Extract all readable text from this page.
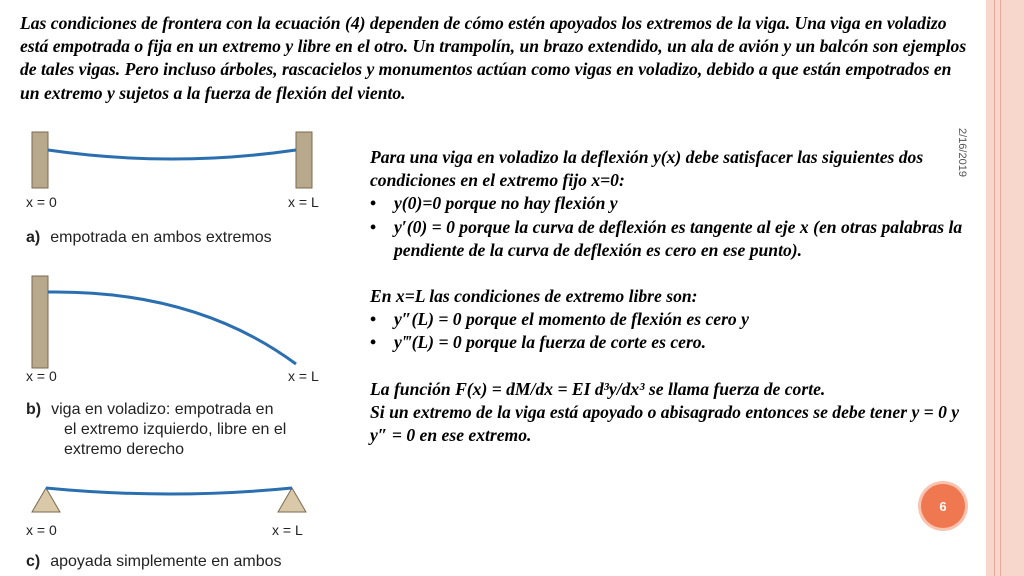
2/16/2019
Las condiciones de frontera con la ecuación (4) dependen de cómo estén apoyados los extremos de la viga. Una viga en voladizo está empotrada o fija en un extremo y libre en el otro. Un trampolín, un brazo extendido, un ala de avión y un balcón son ejemplos de tales vigas. Pero incluso árboles, rascacielos y monumentos actúan como vigas en voladizo, debido a que están empotrados en un extremo y sujetos a la fuerza de flexión del viento.
x = 0	x = L
a) empotrada en ambos extremos
x = 0	x = L
b) viga en voladizo: empotrada en
el extremo izquierdo, libre en el
extremo derecho
x = 0	x = L
c) apoyada simplemente en ambos

Para una viga en voladizo la deflexión y(x) debe satisfacer las siguientes dos condiciones en el extremo fijo x=0:

• y(0)=0 porque no hay flexión y

• y′(0) = 0 porque la curva de deflexión es tangente al eje x (en otras palabras la pendiente de la curva de deflexión es cero en ese punto).

En x=L las condiciones de extremo libre son:

• y″(L) = 0 porque el momento de flexión es cero y

• y‴(L) = 0 porque la fuerza de corte es cero.

La función F(x) = dM/dx = EI d³y/dx³ se llama fuerza de corte.

Si un extremo de la viga está apoyado o abisagrado entonces se debe tener y = 0 y y″ = 0 en ese extremo.

6
